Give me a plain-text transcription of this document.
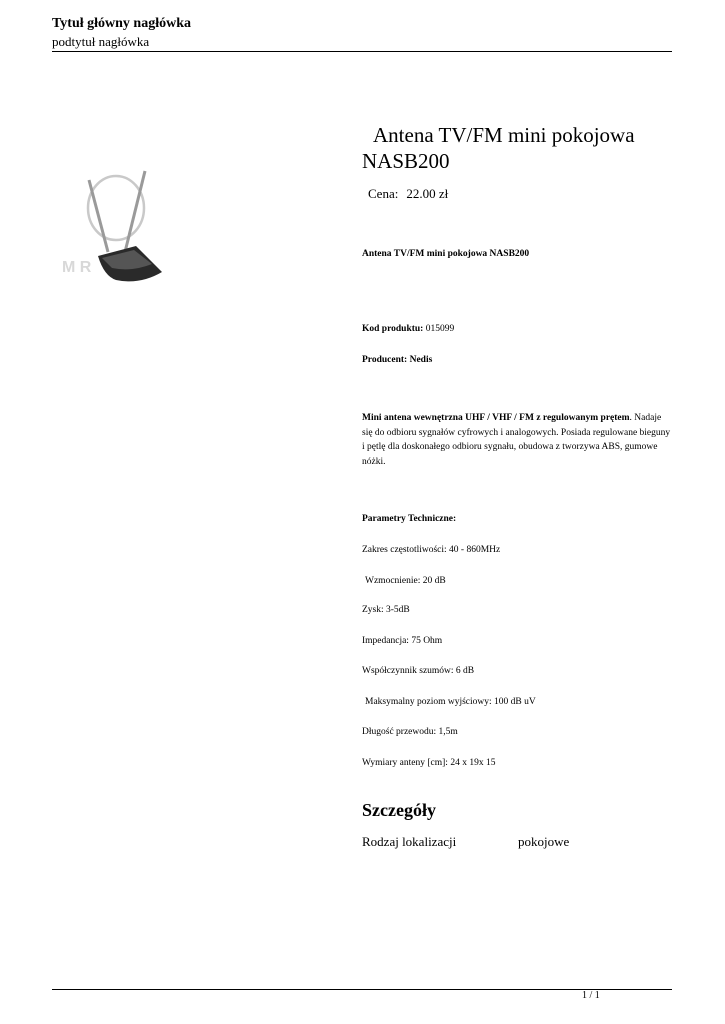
Tytuł główny nagłówka
podtytuł nagłówka
M R
Antena TV/FM mini pokojowa
NASB200
Cena: 22.00 zł
Antena TV/FM mini pokojowa NASB200
Kod produktu: 015099
Producent: Nedis
Mini antena wewnętrzna UHF / VHF / FM z regulowanym prętem. Nadaje się do odbioru sygnałów cyfrowych i analogowych. Posiada regulowane bieguny i pętlę dla doskonałego odbioru sygnału, obudowa z tworzywa ABS, gumowe nóżki.
Parametry Techniczne:
Zakres częstotliwości: 40 - 860MHz
Wzmocnienie: 20 dB
Zysk: 3-5dB
Impedancja: 75 Ohm
Współczynnik szumów: 6 dB
Maksymalny poziom wyjściowy: 100 dB uV
Długość przewodu: 1,5m
Wymiary anteny [cm]: 24 x 19x 15
Szczegóły
Rodzaj lokalizacji	pokojowe
1 / 1
